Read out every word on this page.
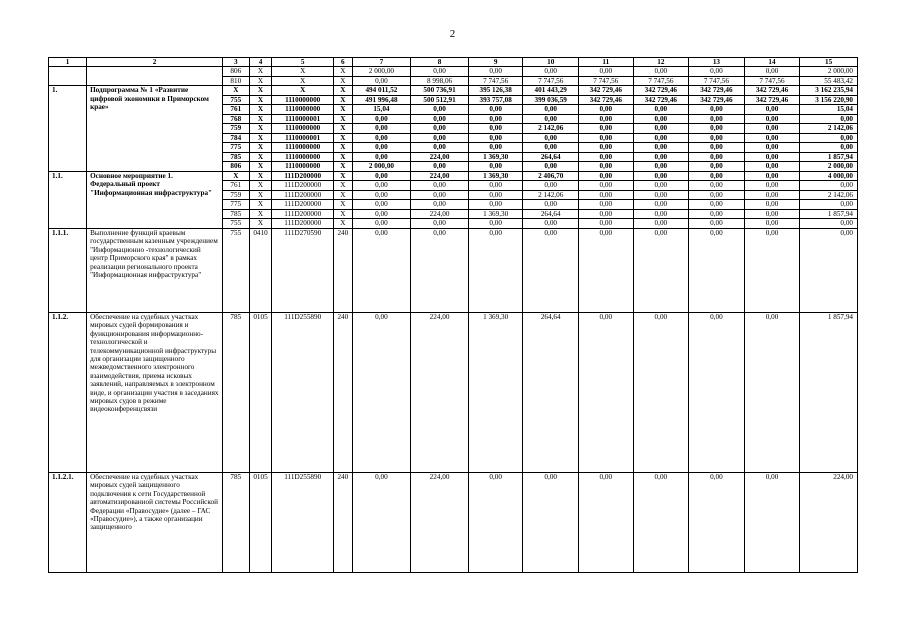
2
1	2	3	4	5	6	7	8	9	10	11	12	13	14	15
		806	X	X	X	2 000,00	0,00	0,00	0,00	0,00	0,00	0,00	0,00	2 000,00
		810	X	X	X	0,00	8 998,06	7 747,56	7 747,56	7 747,56	7 747,56	7 747,56	7 747,56	55 483,42
1.	Подпрограмма № 1 «Развитие цифровой экономики в Приморском крае»	X	X	X	X	494 011,52	500 736,91	395 126,38	401 443,29	342 729,46	342 729,46	342 729,46	342 729,46	3 162 235,94
		755	X	1110000000	X	491 996,48	500 512,91	393 757,08	399 036,59	342 729,46	342 729,46	342 729,46	342 729,46	3 156 220,90
		761	X	1110000000	X	15,04	0,00	0,00	0,00	0,00	0,00	0,00	0,00	15,04
		768	X	1110000001	X	0,00	0,00	0,00	0,00	0,00	0,00	0,00	0,00	0,00
		759	X	1110000000	X	0,00	0,00	0,00	2 142,06	0,00	0,00	0,00	0,00	2 142,06
		784	X	1110000001	X	0,00	0,00	0,00	0,00	0,00	0,00	0,00	0,00	0,00
		775	X	1110000000	X	0,00	0,00	0,00	0,00	0,00	0,00	0,00	0,00	0,00
		785	X	1110000000	X	0,00	224,00	1 369,30	264,64	0,00	0,00	0,00	0,00	1 857,94
		806	X	1110000000	X	2 000,00	0,00	0,00	0,00	0,00	0,00	0,00	0,00	2 000,00
1.1.	Основное мероприятие 1. Федеральный проект "Информационная инфраструктура"	X	X	111D200000	X	0,00	224,00	1 369,30	2 406,70	0,00	0,00	0,00	0,00	4 000,00
		761	X	111D200000	X	0,00	0,00	0,00	0,00	0,00	0,00	0,00	0,00	0,00
		759	X	111D200000	X	0,00	0,00	0,00	2 142,06	0,00	0,00	0,00	0,00	2 142,06
		775	X	111D200000	X	0,00	0,00	0,00	0,00	0,00	0,00	0,00	0,00	0,00
		785	X	111D200000	X	0,00	224,00	1 369,30	264,64	0,00	0,00	0,00	0,00	1 857,94
		755	X	111D200000	X	0,00	0,00	0,00	0,00	0,00	0,00	0,00	0,00	0,00
1.1.1.	Выполнение функций краевым государственным казенным учреждением "Информационно -технологический центр Приморского края" в рамках реализации регионального проекта "Информационная инфраструктура"	755	0410	111D270590	240	0,00	0,00	0,00	0,00	0,00	0,00	0,00	0,00	0,00
1.1.2.	Обеспечение на судебных участках мировых судей формирования и функционирования информационно-технологической и телекоммуникационной инфраструктуры для организации защищенного межведомственного электронного взаимодействия, приема исковых заявлений, направляемых в электронном виде, и организации участия в заседаниях мировых судов в режиме видеоконференцсвязи	785	0105	111D255890	240	0,00	224,00	1 369,30	264,64	0,00	0,00	0,00	0,00	1 857,94
1.1.2.1.	Обеспечение на судебных участках мировых судей защищенного подключения к сети Государственной автоматизированной системы Российской Федерации «Правосудие» (далее – ГАС «Правосудие»), а также организации защищенного	785	0105	111D255890	240	0,00	224,00	0,00	0,00	0,00	0,00	0,00	0,00	224,00
